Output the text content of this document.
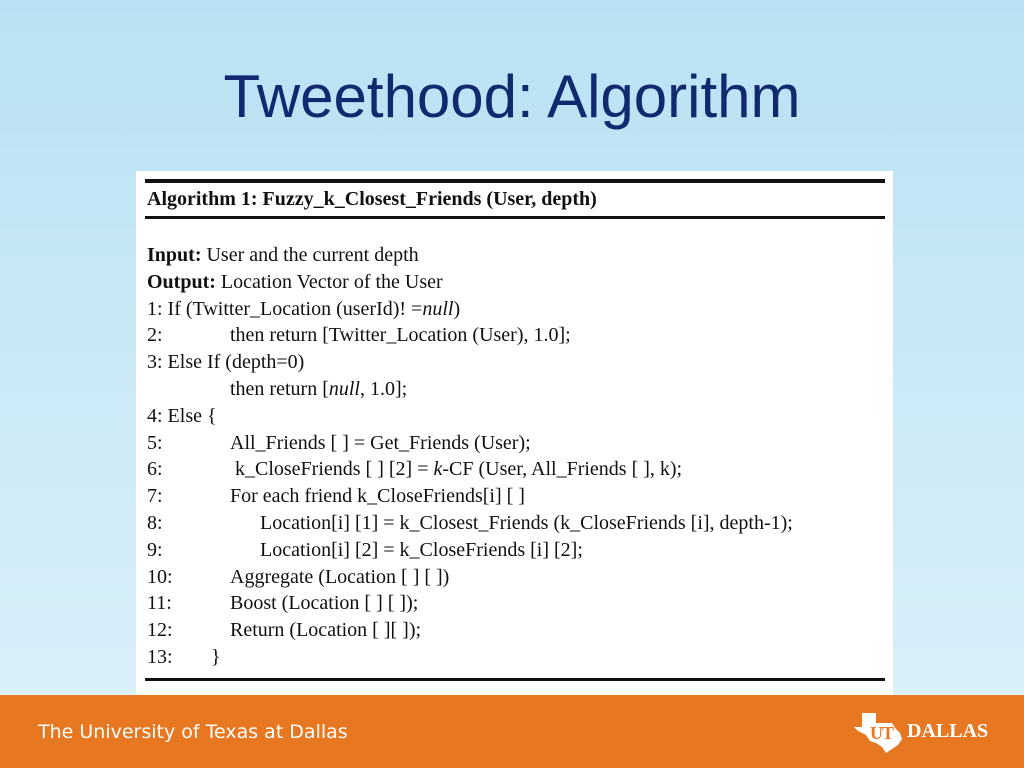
Tweethood: Algorithm
Algorithm 1: Fuzzy_k_Closest_Friends (User, depth)
Input: User and the current depth
Output: Location Vector of the User
1: If (Twitter_Location (userId)! =null)
2:	then return [Twitter_Location (User), 1.0];
3: Else If (depth=0)
then return [null, 1.0];
4: Else {
5:	All_Friends [ ] = Get_Friends (User);
6:	k_CloseFriends [ ] [2] = k-CF (User, All_Friends [ ], k);
7:	For each friend k_CloseFriends[i] [ ]
8:	Location[i] [1] = k_Closest_Friends (k_CloseFriends [i], depth-1);
9:	Location[i] [2] = k_CloseFriends [i] [2];
10:	Aggregate (Location [ ] [ ])
11:	Boost (Location [ ] [ ]);
12:	Return (Location [ ][ ]);
13: }
The University of Texas at Dallas	UT DALLAS
